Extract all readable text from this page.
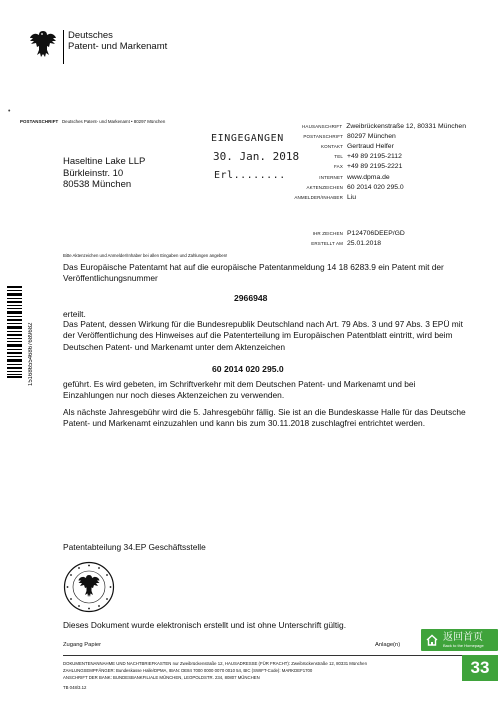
Deutsches
Patent- und Markenamt
•
POSTANSCHRIFT Deutsches Patent- und Markenamt • 80297 München
EINGEGANGEN
30. Jan. 2018
Erl........
Haseltine Lake LLP
Bürkleinstr. 10
80538 München
HAUSANSCHRIFT Zweibrückenstraße 12, 80331 München
POSTANSCHRIFT 80297 München
KONTAKT Gertraud Helfer
TEL +49 89 2195-2112
FAX +49 89 2195-2221
INTERNET www.dpma.de
AKTENZEICHEN 60 2014 020 295.0
ANMELDER/INHABER Liu
IHR ZEICHEN P124706DEEP/GD
ERSTELLT AM 25.01.2018
Bitte Aktenzeichen und Anmelder/Inhaber bei allen Eingaben und Zahlungen angeben!
1516865546867689682
Das Europäische Patentamt hat auf die europäische Patentanmeldung 14 18 6283.9 ein Patent mit der Veröffentlichungsnummer
2966948
erteilt.
Das Patent, dessen Wirkung für die Bundesrepublik Deutschland nach Art. 79 Abs. 3 und 97 Abs. 3 EPÜ mit der Veröffentlichung des Hinweises auf die Patenterteilung im Europäischen Patentblatt eintritt, wird beim Deutschen Patent- und Markenamt unter dem Aktenzeichen
60 2014 020 295.0
geführt. Es wird gebeten, im Schriftverkehr mit dem Deutschen Patent- und Markenamt und bei Einzahlungen nur noch dieses Aktenzeichen zu verwenden.
Als nächste Jahresgebühr wird die 5. Jahresgebühr fällig. Sie ist an die Bundeskasse Halle für das Deutsche Patent- und Markenamt einzuzahlen und kann bis zum 30.11.2018 zuschlagfrei entrichtet werden.
Patentabteilung 34.EP Geschäftsstelle
Dieses Dokument wurde elektronisch erstellt und ist ohne Unterschrift gültig.
Zugang Papier	Anlage(n)
DOKUMENTENANNAHME UND NACHTBRIEFKASTEN nur Zweibrückenstraße 12, HAUSADRESSE (FÜR FRACHT): Zweibrückenstraße 12, 80331 München
ZAHLUNGSEMPFÄNGER: Bundeskasse Halle/DPMA, IBAN: DE84 7000 0000 0070 0010 54, BIC (SWIFT-Code): MARKDEF1700
ANSCHRIFT DER BANK: BUNDESBANKFILIALE MÜNCHEN, LEOPOLDSTR. 234, 80807 MÜNCHEN
TB 048/3.12
返回首页
Back to the Homepage
33
